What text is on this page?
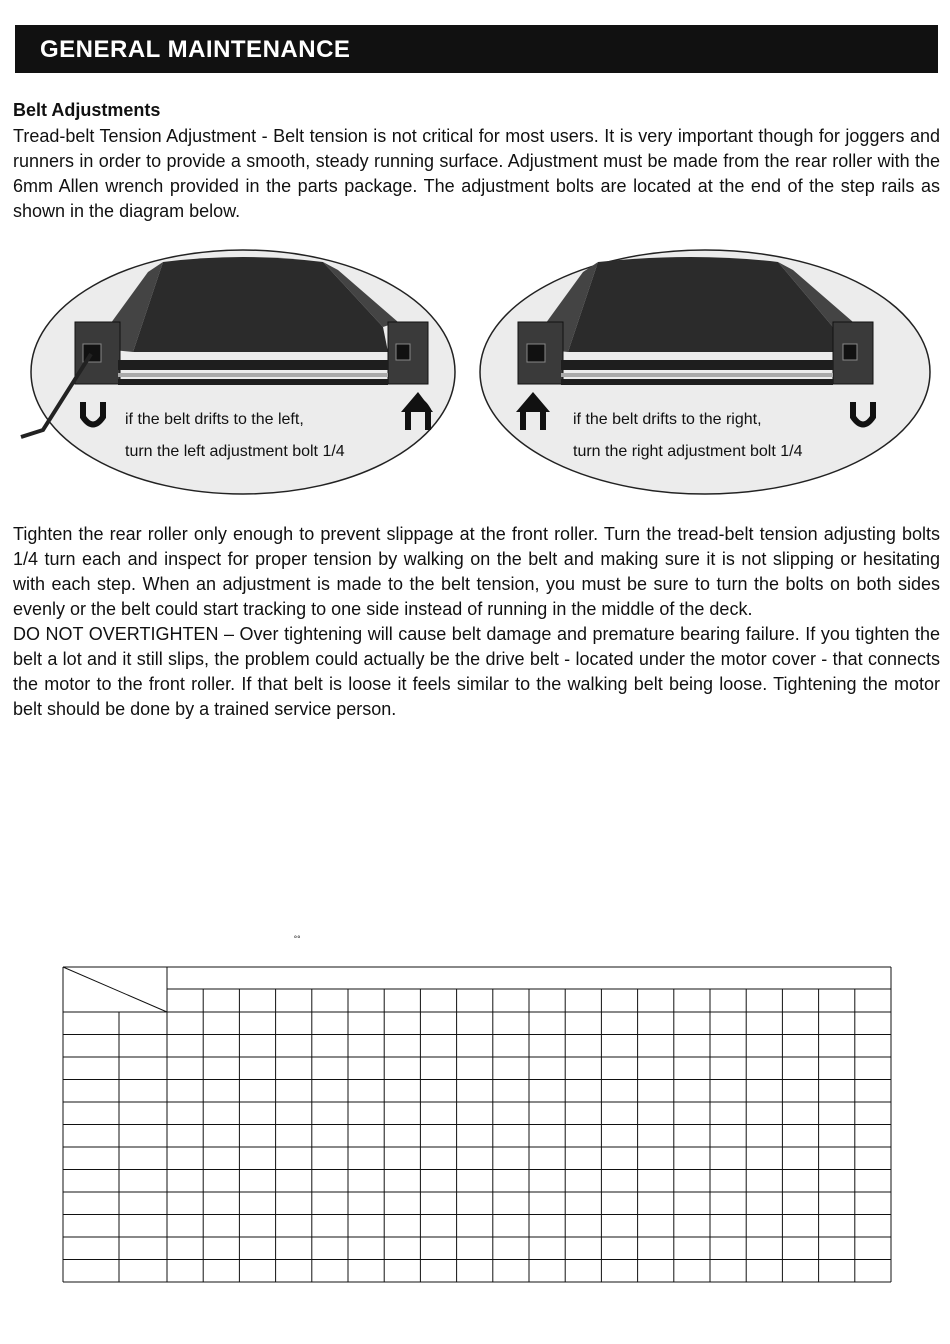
GENERAL MAINTENANCE
Belt Adjustments

Tread-belt Tension Adjustment - Belt tension is not critical for most users. It is very important though for joggers and runners in order to provide a smooth, steady running surface. Adjustment must be made from the rear roller with the 6mm Allen wrench provided in the parts package. The adjustment bolts are located at the end of the step rails as shown in the diagram below.

if the belt drifts to the left,
turn the left adjustment bolt 1/4
if the belt drifts to the right,
turn the right adjustment bolt 1/4

Tighten the rear roller only enough to prevent slippage at the front roller. Turn the tread-belt tension adjusting bolts 1/4 turn each and inspect for proper tension by walking on the belt and making sure it is not slipping or hesitating with each step. When an adjustment is made to the belt tension, you must be sure to turn the bolts on both sides evenly or the belt could start tracking to one side instead of running in the middle of the deck.

DO NOT OVERTIGHTEN – Over tightening will cause belt damage and premature bearing failure. If you tighten the belt a lot and it still slips, the problem could actually be the drive belt - located under the motor cover - that connects the motor to the front roller. If that belt is loose it feels similar to the walking belt being loose. Tightening the motor belt should be done by a trained service person.

˚˚
